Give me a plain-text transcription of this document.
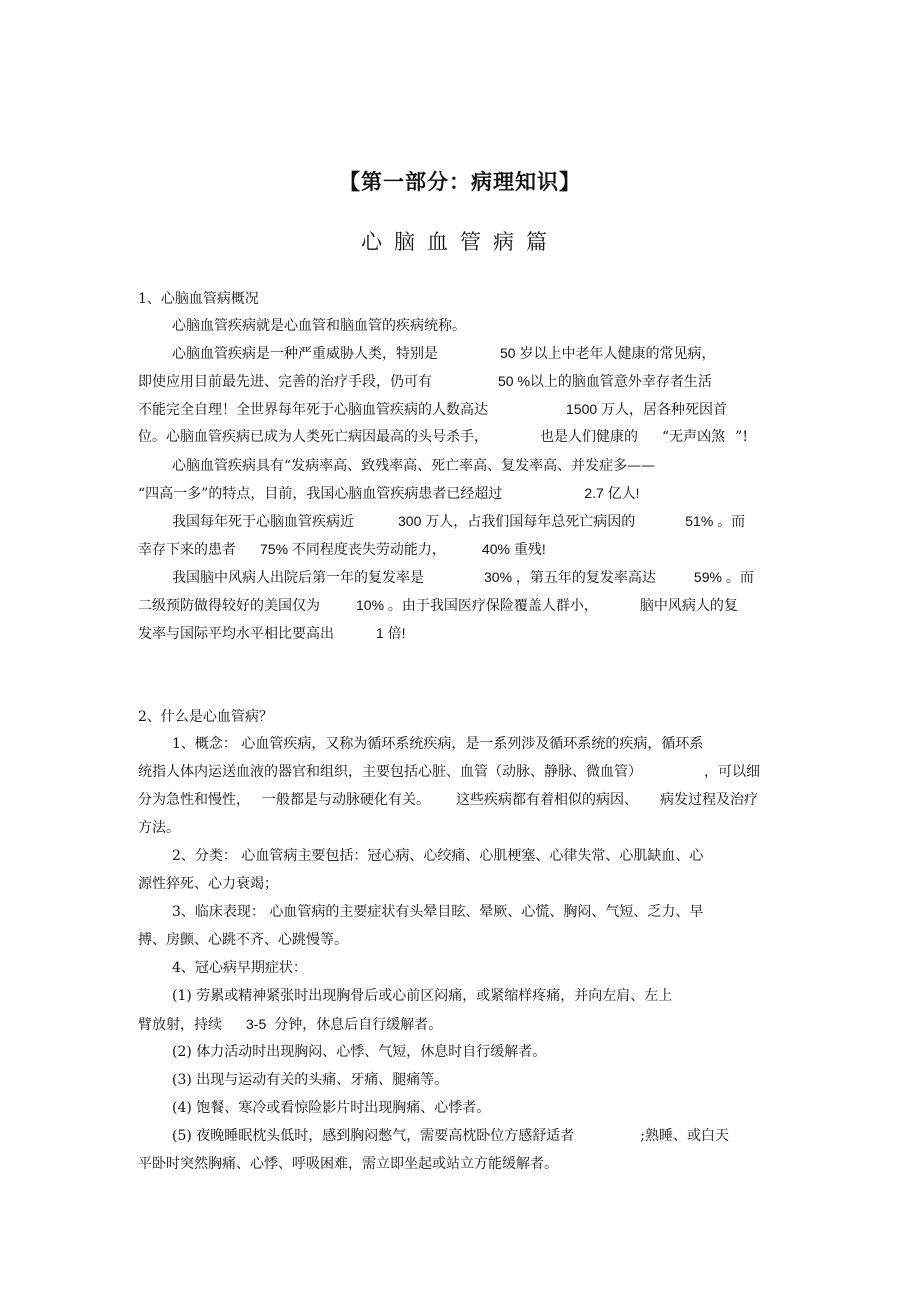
【第一部分：病理知识】
心脑血管病篇
1、心脑血管病概况
心脑血管疾病就是心血管和脑血管的疾病统称。
心脑血管疾病是一种严重威胁人类，特别是	50 岁以上中老年人健康的常见病，
即使应用目前最先进、完善的治疗手段，仍可有	50 %以上的脑血管意外幸存者生活
不能完全自理！全世界每年死于心脑血管疾病的人数高达	1500 万人，居各种死因首
位。心脑血管疾病已成为人类死亡病因最高的头号杀手，	也是人们健康的 “无声凶煞 ”!
心脑血管疾病具有“发病率高、致残率高、死亡率高、复发率高、并发症多——
“四高一多”的特点，目前，我国心脑血管疾病患者已经超过	2.7 亿人!
我国每年死于心脑血管疾病近	300 万人，占我们国每年总死亡病因的	51% 。而
幸存下来的患者 75% 不同程度丧失劳动能力，	40% 重残!
我国脑中风病人出院后第一年的复发率是	30% ，第五年的复发率高达	59% 。而
二级预防做得较好的美国仅为	10% 。由于我国医疗保险覆盖人群小，	脑中风病人的复
发率与国际平均水平相比要高出	1 倍!
2、什么是心血管病？
1、概念： 心血管疾病，又称为循环系统疾病，是一系列涉及循环系统的疾病，循环系
统指人体内运送血液的器官和组织，主要包括心脏、血管（动脉、静脉、微血管）	，可以细
分为急性和慢性， 一般都是与动脉硬化有关。 这些疾病都有着相似的病因、 病发过程及治疗
方法。
2、分类： 心血管病主要包括：冠心病、心绞痛、心肌梗塞、心律失常、心肌缺血、心
源性猝死、心力衰竭；
3、临床表现： 心血管病的主要症状有头晕目眩、晕厥、心慌、胸闷、气短、乏力、早
搏、房颤、心跳不齐、心跳慢等。
4、冠心病早期症状：
(1) 劳累或精神紧张时出现胸骨后或心前区闷痛，或紧缩样疼痛，并向左肩、左上
臂放射，持续 3-5 分钟，休息后自行缓解者。
(2) 体力活动时出现胸闷、心悸、气短，休息时自行缓解者。
(3) 出现与运动有关的头痛、牙痛、腿痛等。
(4) 饱餐、寒冷或看惊险影片时出现胸痛、心悸者。
(5) 夜晚睡眠枕头低时，感到胸闷憋气，需要高枕卧位方感舒适者	;熟睡、或白天
平卧时突然胸痛、心悸、呼吸困难，需立即坐起或站立方能缓解者。
